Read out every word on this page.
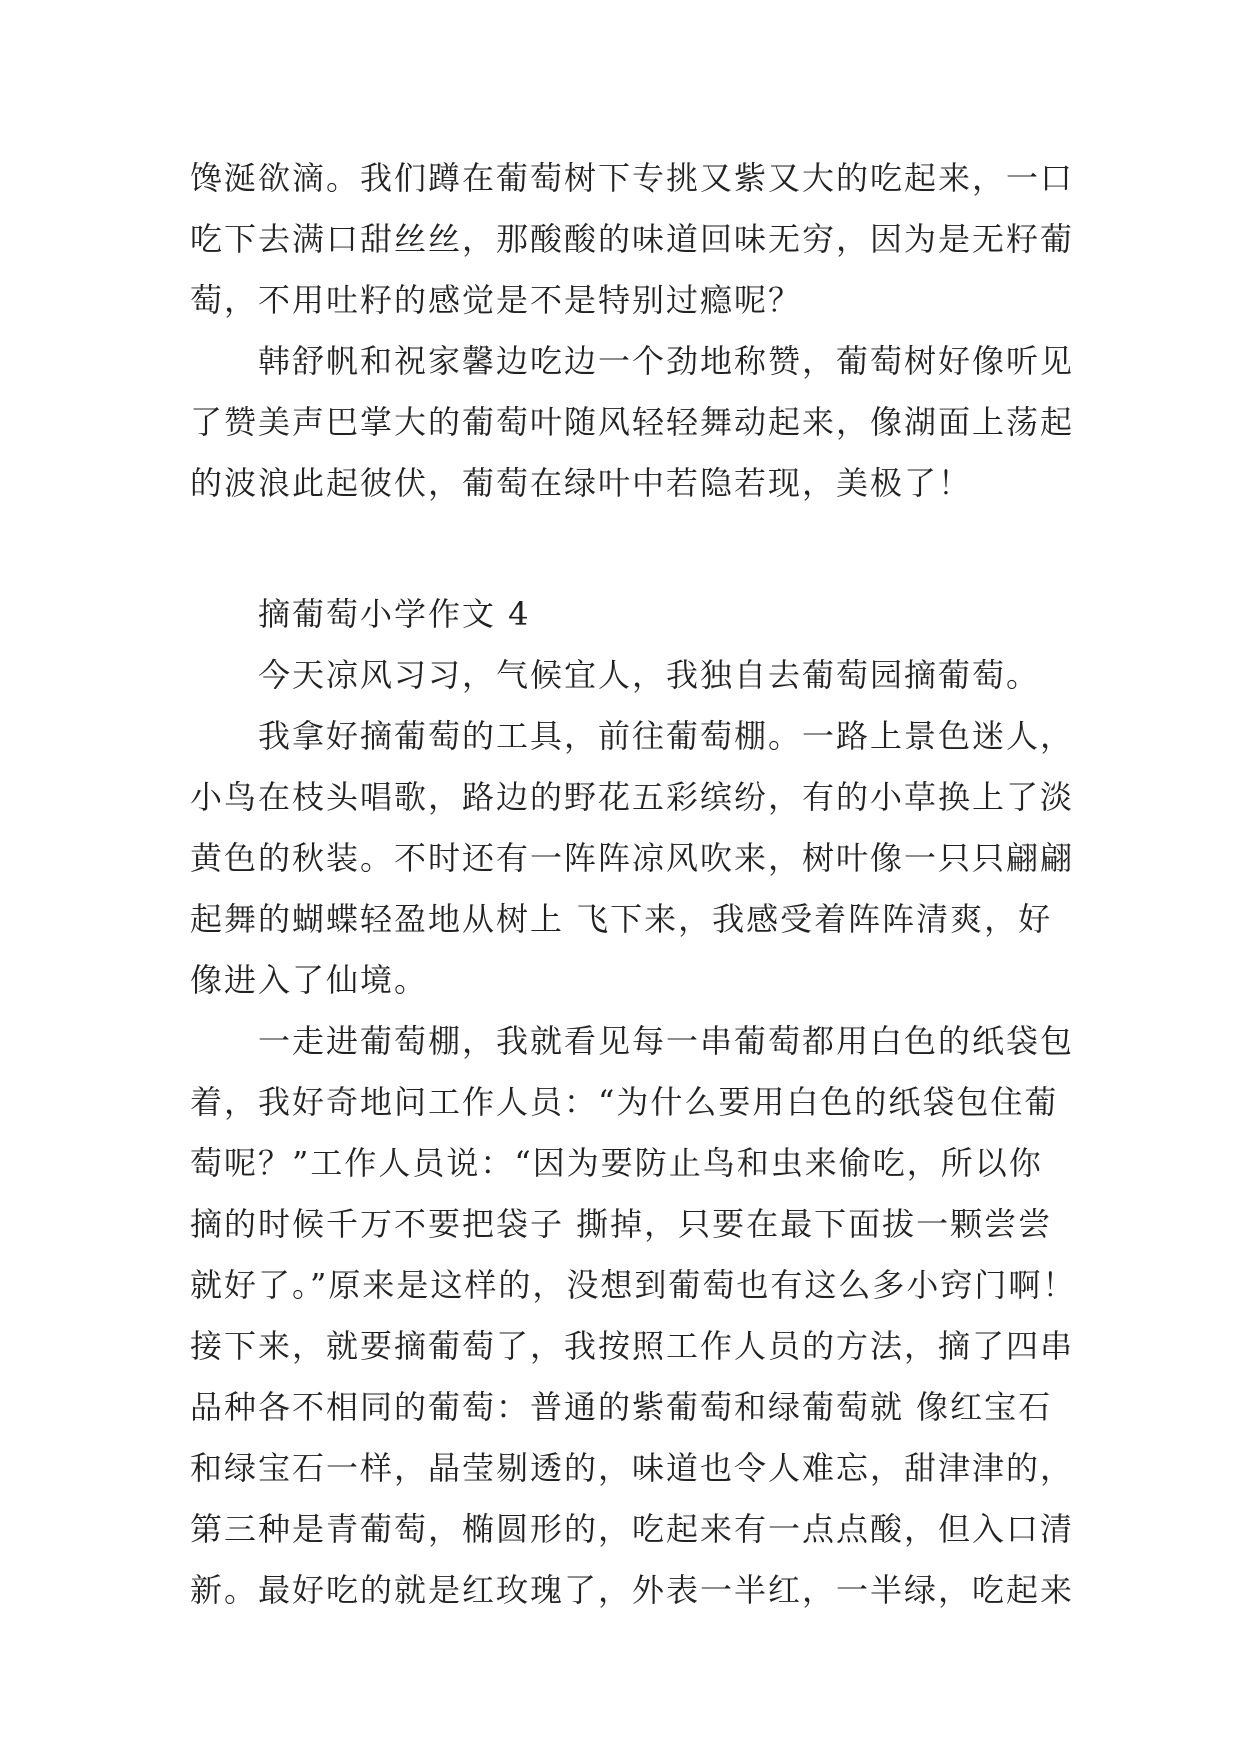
馋涎欲滴。我们蹲在葡萄树下专挑又紫又大的吃起来，一口
吃下去满口甜丝丝，那酸酸的味道回味无穷，因为是无籽葡
萄，不用吐籽的感觉是不是特别过瘾呢？
　　韩舒帆和祝家馨边吃边一个劲地称赞，葡萄树好像听见
了赞美声巴掌大的葡萄叶随风轻轻舞动起来，像湖面上荡起
的波浪此起彼伏，葡萄在绿叶中若隐若现，美极了！
　　摘葡萄小学作文 4
　　今天凉风习习，气候宜人，我独自去葡萄园摘葡萄。
　　我拿好摘葡萄的工具，前往葡萄棚。一路上景色迷人，
小鸟在枝头唱歌，路边的野花五彩缤纷，有的小草换上了淡
黄色的秋装。不时还有一阵阵凉风吹来，树叶像一只只翩翩
起舞的蝴蝶轻盈地从树上 飞下来，我感受着阵阵清爽，好
像进入了仙境。
　　一走进葡萄棚，我就看见每一串葡萄都用白色的纸袋包
着，我好奇地问工作人员：“为什么要用白色的纸袋包住葡
萄呢？”工作人员说：“因为要防止鸟和虫来偷吃，所以你
摘的时候千万不要把袋子 撕掉，只要在最下面拔一颗尝尝
就好了。”原来是这样的，没想到葡萄也有这么多小窍门啊！
接下来，就要摘葡萄了，我按照工作人员的方法，摘了四串
品种各不相同的葡萄：普通的紫葡萄和绿葡萄就 像红宝石
和绿宝石一样，晶莹剔透的，味道也令人难忘，甜津津的，
第三种是青葡萄，椭圆形的，吃起来有一点点酸，但入口清
新。最好吃的就是红玫瑰了，外表一半红，一半绿，吃起来
